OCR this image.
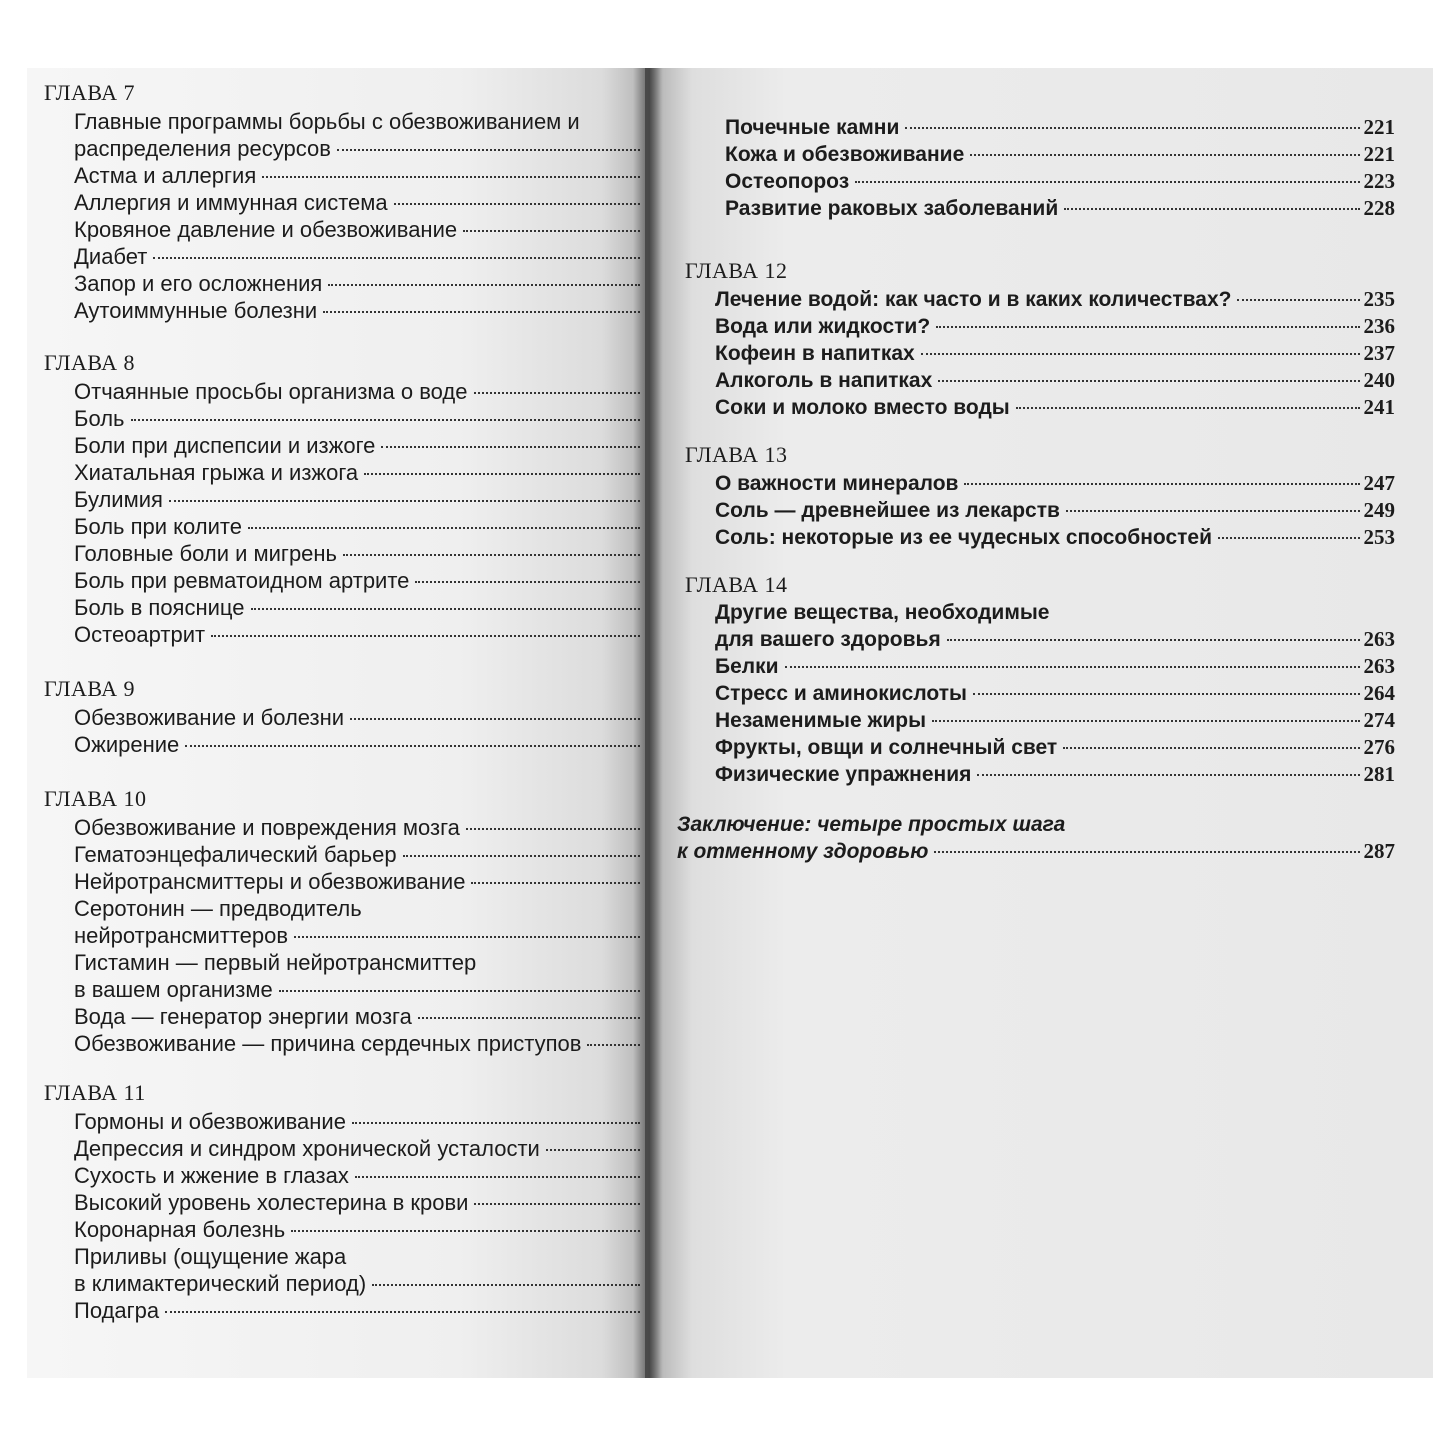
ГЛАВА 7
Главные программы борьбы с обезвоживанием и
распределения ресурсов
Астма и аллергия
Аллергия и иммунная система
Кровяное давление и обезвоживание
Диабет
Запор и его осложнения
Аутоиммунные болезни
ГЛАВА 8
Отчаянные просьбы организма о воде
Боль
Боли при диспепсии и изжоге
Хиатальная грыжа и изжога
Булимия
Боль при колите
Головные боли и мигрень
Боль при ревматоидном артрите
Боль в пояснице
Остеоартрит
ГЛАВА 9
Обезвоживание и болезни
Ожирение
ГЛАВА 10
Обезвоживание и повреждения мозга
Гематоэнцефалический барьер
Нейротрансмиттеры и обезвоживание
Серотонин — предводитель
нейротрансмиттеров
Гистамин — первый нейротрансмиттер
в вашем организме
Вода — генератор энергии мозга
Обезвоживание — причина сердечных приступов
ГЛАВА 11
Гормоны и обезвоживание
Депрессия и синдром хронической усталости
Сухость и жжение в глазах
Высокий уровень холестерина в крови
Коронарная болезнь
Приливы (ощущение жара
в климактерический период)
Подагра
Почечные камни	221
Кожа и обезвоживание	221
Остеопороз	223
Развитие раковых заболеваний	228
ГЛАВА 12
Лечение водой: как часто и в каких количествах?	235
Вода или жидкости?	236
Кофеин в напитках	237
Алкоголь в напитках	240
Соки и молоко вместо воды	241
ГЛАВА 13
О важности минералов	247
Соль — древнейшее из лекарств	249
Соль: некоторые из ее чудесных способностей	253
ГЛАВА 14
Другие вещества, необходимые
для вашего здоровья	263
Белки	263
Стресс и аминокислоты	264
Незаменимые жиры	274
Фрукты, овщи и солнечный свет	276
Физические упражнения	281
Заключение: четыре простых шага
к отменному здоровью	287
